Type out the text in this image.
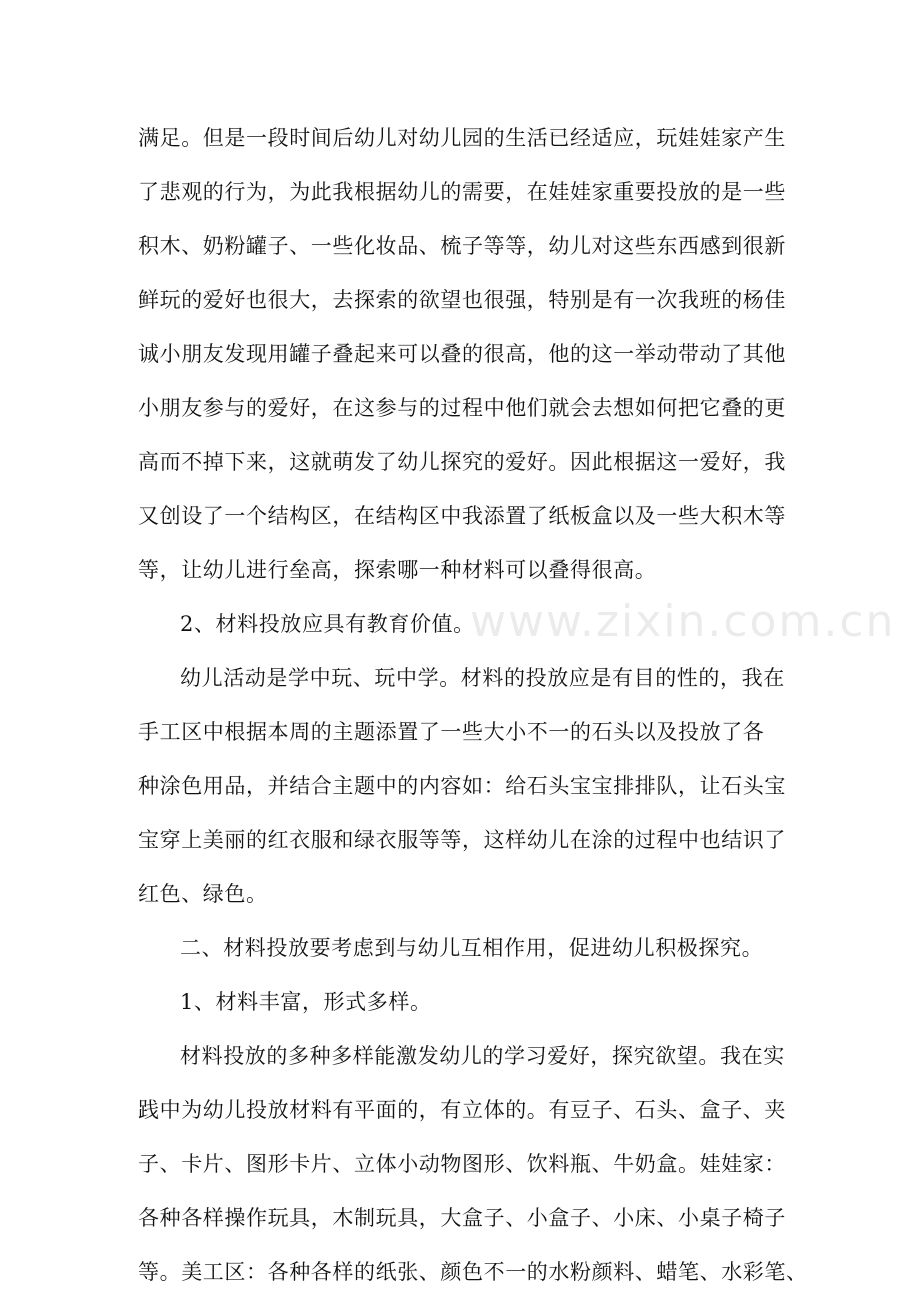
www.zixin.com.cn
满足。但是一段时间后幼儿对幼儿园的生活已经适应，玩娃娃家产生
了悲观的行为，为此我根据幼儿的需要，在娃娃家重要投放的是一些
积木、奶粉罐子、一些化妆品、梳子等等，幼儿对这些东西感到很新
鲜玩的爱好也很大，去探索的欲望也很强，特别是有一次我班的杨佳
诚小朋友发现用罐子叠起来可以叠的很高，他的这一举动带动了其他
小朋友参与的爱好，在这参与的过程中他们就会去想如何把它叠的更
高而不掉下来，这就萌发了幼儿探究的爱好。因此根据这一爱好，我
又创设了一个结构区，在结构区中我添置了纸板盒以及一些大积木等
等，让幼儿进行垒高，探索哪一种材料可以叠得很高。
2、材料投放应具有教育价值。
幼儿活动是学中玩、玩中学。材料的投放应是有目的性的，我在
手工区中根据本周的主题添置了一些大小不一的石头以及投放了各
种涂色用品，并结合主题中的内容如：给石头宝宝排排队，让石头宝
宝穿上美丽的红衣服和绿衣服等等，这样幼儿在涂的过程中也结识了
红色、绿色。
二、材料投放要考虑到与幼儿互相作用，促进幼儿积极探究。
1、材料丰富，形式多样。
材料投放的多种多样能激发幼儿的学习爱好，探究欲望。我在实
践中为幼儿投放材料有平面的，有立体的。有豆子、石头、盒子、夹
子、卡片、图形卡片、立体小动物图形、饮料瓶、牛奶盒。娃娃家：
各种各样操作玩具，木制玩具，大盒子、小盒子、小床、小桌子椅子
等。美工区：各种各样的纸张、颜色不一的水粉颜料、蜡笔、水彩笔、
